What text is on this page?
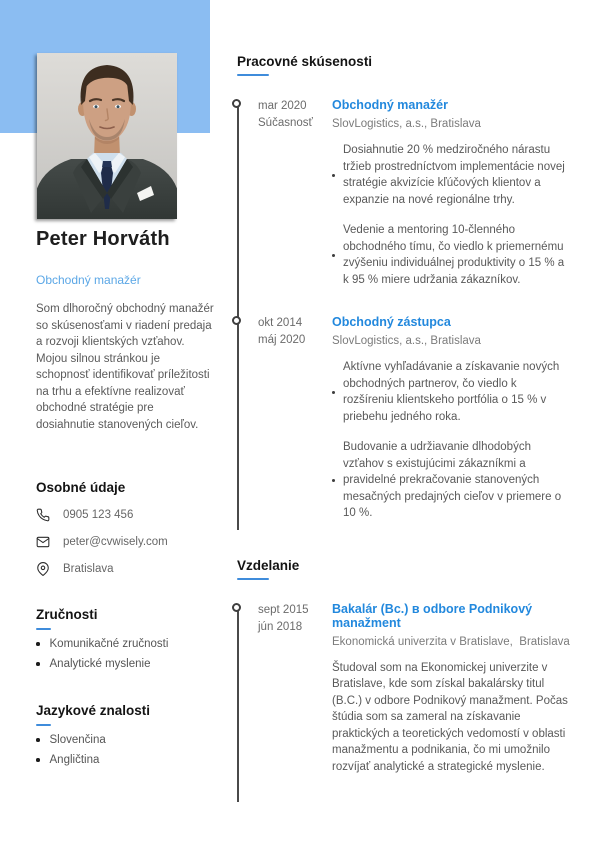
Peter Horváth
Obchodný manažér
Som dlhoročný obchodný manažér so skúsenosťami v riadení predaja a rozvoji klientských vzťahov. Mojou silnou stránkou je schopnosť identifikovať príležitosti na trhu a efektívne realizovať obchodné stratégie pre dosiahnutie stanovených cieľov.
Osobné údaje
0905 123 456
peter@cvwisely.com
Bratislava
Zručnosti
Komunikačné zručnosti
Analytické myslenie
Jazykové znalosti
Slovenčina
Angličtina
Pracovné skúsenosti
mar 2020
Súčasnosť
Obchodný manažér
SlovLogistics, a.s., Bratislava
Dosiahnutie 20 % medziročného nárastu tržieb prostredníctvom implementácie novej stratégie akvizície kľúčových klientov a expanzie na nové regionálne trhy.
Vedenie a mentoring 10-členného obchodného tímu, čo viedlo k priemernému zvýšeniu individuálnej produktivity o 15 % a k 95 % miere udržania zákazníkov.
okt 2014
máj 2020
Obchodný zástupca
SlovLogistics, a.s., Bratislava
Aktívne vyhľadávanie a získavanie nových obchodných partnerov, čo viedlo k rozšíreniu klientskeho portfólia o 15 % v priebehu jedného roka.
Budovanie a udržiavanie dlhodobých vzťahov s existujúcimi zákazníkmi a pravidelné prekračovanie stanovených mesačných predajných cieľov v priemere o 10 %.
Vzdelanie
sept 2015
jún 2018
Bakalár (Bc.) в odbore Podnikový manažment
Ekonomická univerzita v Bratislave,  Bratislava
Študoval som na Ekonomickej univerzite v Bratislave, kde som získal bakalársky titul (B.C.) v odbore Podnikový manažment. Počas štúdia som sa zameral na získavanie praktických a teoretických vedomostí v oblasti manažmentu a podnikania, čo mi umožnilo rozvíjať analytické a strategické myslenie.
